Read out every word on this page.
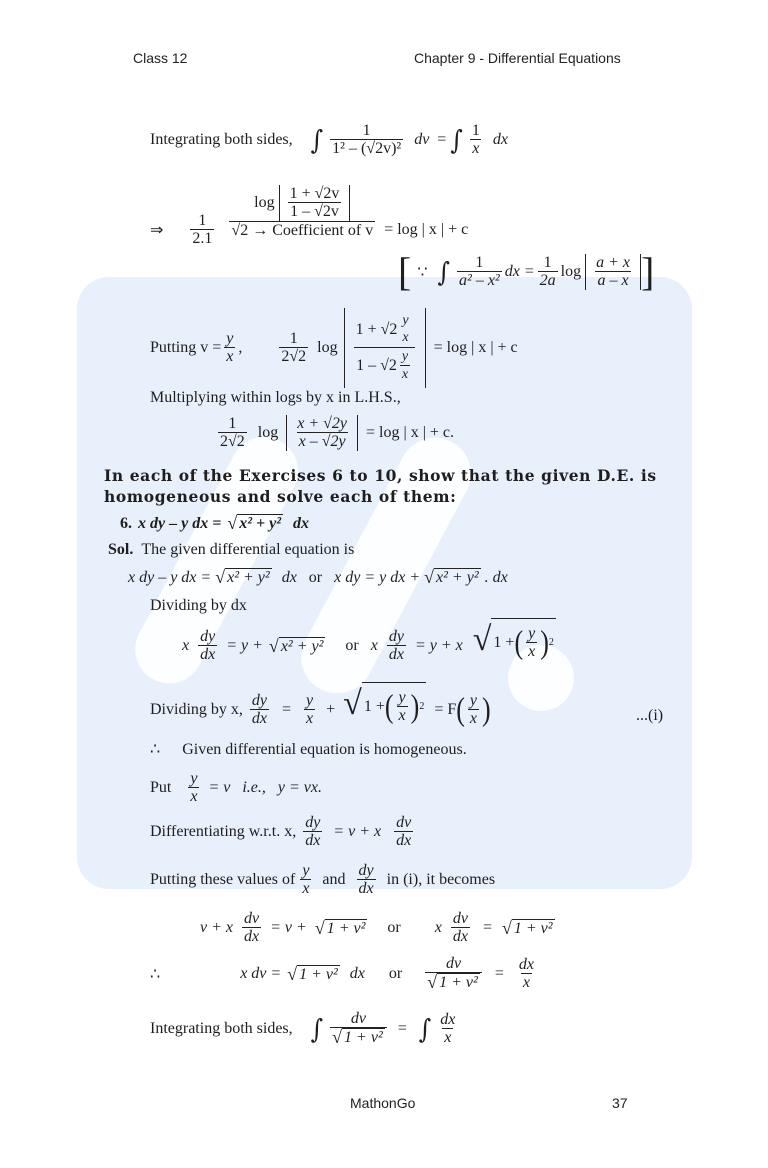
Class 12	Chapter 9 - Differential Equations
Integrating both sides, ∫ $\frac{1}{\text{1² – (√2v)²}}$ dv = ∫ $\frac{1}{x}$ dx
⇒ $\frac{1}{2.1} \frac{\log \frac{1 + √2v}{1 - √2v}}{\text{√2 → Coefficient of v}} = \log$ | x | + c
[ ∵ ∫ $\frac{1}{\text{a² – x²}}$ dx = $\frac{1}{2a}$ $\log \frac{a + x}{a - x}$ ]
Putting $v = \frac{y}{x}$ , $\frac{1}{2√2}$ log 1 + √2
y
x
$1 - √2 \frac{y}{x} = \log$ | x | + c
Multiplying within logs by x in L.H.S.,
$\frac{1}{2√2}$ $\log \frac{x + √2y}{x - √2y} = \log$ | x | + c.
In each of the Exercises 6 to 10, show that the given D.E. is
homogeneous and solve each of them:
6. x dy – y dx = √ x² + y² dx
Sol. The given differential equation is
x dy – y dx = √ x² + y² dx or x dy = y dx + √ x² + y² . dx
Dividing by dx
x $\frac{dy}{dx} = y$ + √ x² + y² or x $\frac{dy}{dx} = y + x$ √ 1 + ( $\frac{y}{x}$ ) 2
Dividing by x, $\frac{dy}{dx} = \frac{y}{x}$ + √ 1 + ( $\frac{y}{x}$ ) 2 = F ( $\frac{y}{x}$ )	...(i)
∴ Given differential equation is homogeneous.
Put $\frac{y}{x} = v$   i.e.,   y = vx.
Differentiating w.r.t. x, $\frac{dy}{dx} = v + x \frac{dv}{dx}$
Putting these values of $\frac{y}{x}$ and $\frac{dy}{dx}$ in (i), it becomes
v + x $\frac{dv}{dx} = v$ + √ 1 + v² or x $\frac{dv}{dx}$ = √ 1 + v²
∴	x dv = √ 1 + v² dx or $\frac{dv}{\text{√ 1 + v²}} = \frac{dx}{x}$
Integrating both sides, ∫ $\frac{dv}{\text{√ 1 + v²}}$ = ∫ $\frac{dx}{x}$
MathonGo	37
